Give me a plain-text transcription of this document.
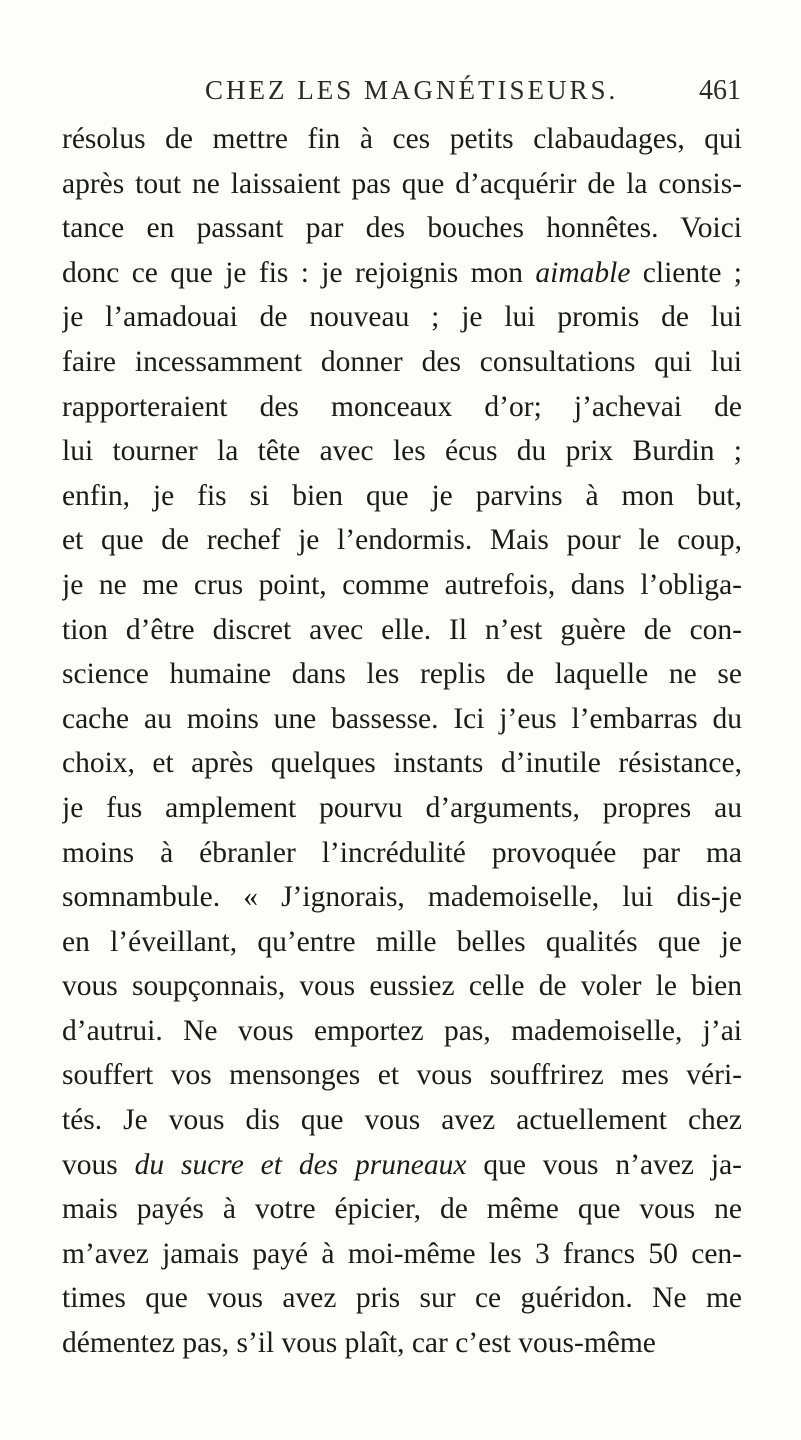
CHEZ LES MAGNÉTISEURS.	461
résolus de mettre fin à ces petits clabaudages, qui
après tout ne laissaient pas que d’acquérir de la consis-
tance en passant par des bouches honnêtes. Voici
donc ce que je fis : je rejoignis mon aimable cliente ;
je l’amadouai de nouveau ; je lui promis de lui
faire incessamment donner des consultations qui lui
rapporteraient des monceaux d’or; j’achevai de
lui tourner la tête avec les écus du prix Burdin ;
enfin, je fis si bien que je parvins à mon but,
et que de rechef je l’endormis. Mais pour le coup,
je ne me crus point, comme autrefois, dans l’obliga-
tion d’être discret avec elle. Il n’est guère de con-
science humaine dans les replis de laquelle ne se
cache au moins une bassesse. Ici j’eus l’embarras du
choix, et après quelques instants d’inutile résistance,
je fus amplement pourvu d’arguments, propres au
moins à ébranler l’incrédulité provoquée par ma
somnambule. « J’ignorais, mademoiselle, lui dis-je
en l’éveillant, qu’entre mille belles qualités que je
vous soupçonnais, vous eussiez celle de voler le bien
d’autrui. Ne vous emportez pas, mademoiselle, j’ai
souffert vos mensonges et vous souffrirez mes véri-
tés. Je vous dis que vous avez actuellement chez
vous du sucre et des pruneaux que vous n’avez ja-
mais payés à votre épicier, de même que vous ne
m’avez jamais payé à moi-même les 3 francs 50 cen-
times que vous avez pris sur ce guéridon. Ne me
démentez pas, s’il vous plaît, car c’est vous-même
